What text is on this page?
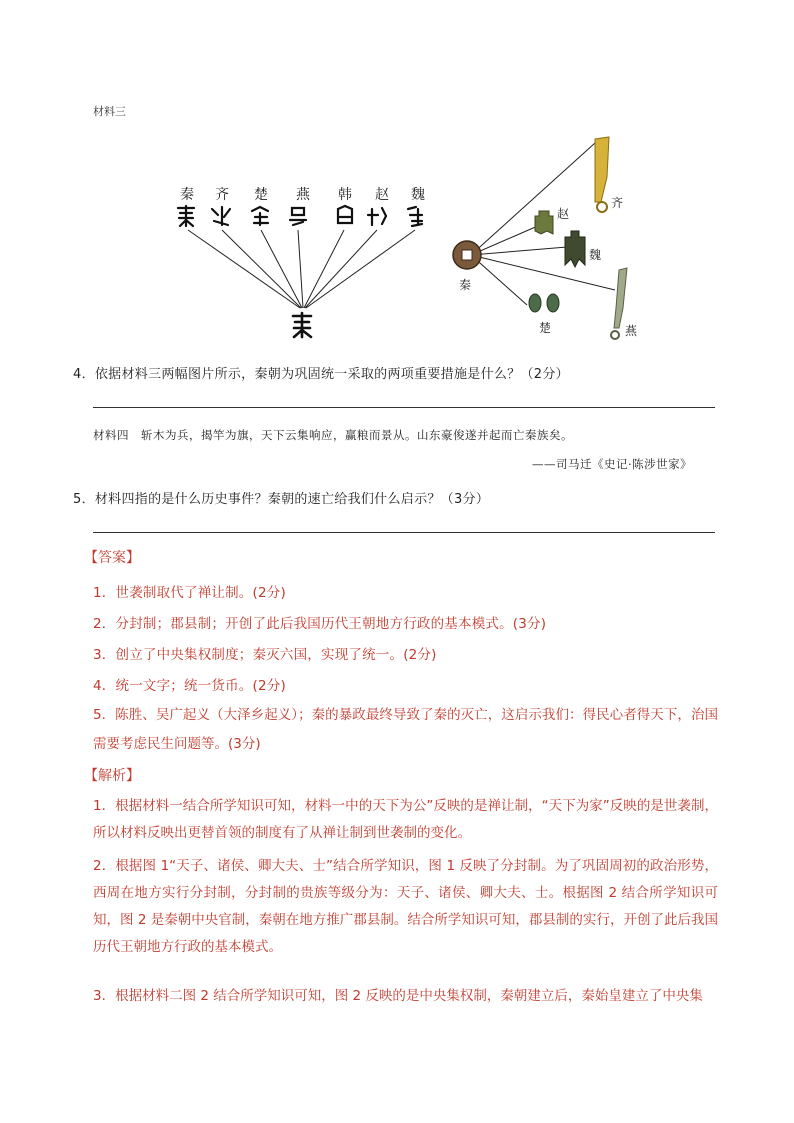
材料三
秦 齐 楚 燕 韩 赵 魏	齐
赵
魏
秦
楚	燕
4．依据材料三两幅图片所示，秦朝为巩固统一采取的两项重要措施是什么？（2分）
材料四　斩木为兵，揭竿为旗，天下云集响应，赢粮而景从。山东豪俊遂并起而亡秦族矣。
——司马迁《史记·陈涉世家》
5．材料四指的是什么历史事件？秦朝的速亡给我们什么启示？（3分）
【答案】
1．世袭制取代了禅让制。(2分)
2．分封制；郡县制；开创了此后我国历代王朝地方行政的基本模式。(3分)
3．创立了中央集权制度；秦灭六国，实现了统一。(2分)
4．统一文字；统一货币。(2分)
5．陈胜、吴广起义（大泽乡起义）；秦的暴政最终导致了秦的灭亡，这启示我们：得民心者得天下，治国需要考虑民生问题等。(3分)
【解析】
1．根据材料一结合所学知识可知，材料一中的天下为公”反映的是禅让制，“天下为家”反映的是世袭制，所以材料反映出更替首领的制度有了从禅让制到世袭制的变化。
2．根据图 1“天子、诸侯、卿大夫、士”结合所学知识，图 1 反映了分封制。为了巩固周初的政治形势，西周在地方实行分封制，分封制的贵族等级分为：天子、诸侯、卿大夫、士。根据图 2 结合所学知识可知，图 2 是秦朝中央官制，秦朝在地方推广郡县制。结合所学知识可知，郡县制的实行，开创了此后我国历代王朝地方行政的基本模式。
3．根据材料二图 2 结合所学知识可知，图 2 反映的是中央集权制，秦朝建立后，秦始皇建立了中央集
